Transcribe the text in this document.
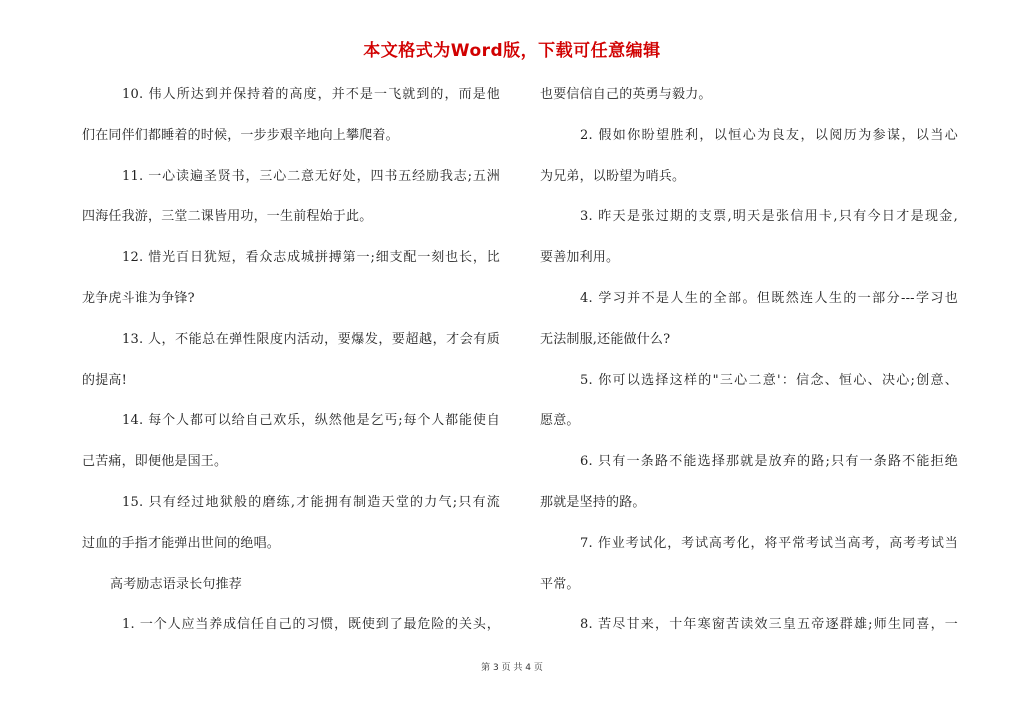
本文格式为Word版，下载可任意编辑
10. 伟人所达到并保持着的高度，并不是一飞就到的，而是他
们在同伴们都睡着的时候，一步步艰辛地向上攀爬着。
11. 一心读遍圣贤书，三心二意无好处，四书五经励我志;五洲
四海任我游，三堂二课皆用功，一生前程始于此。
12. 惜光百日犹短，看众志成城拼搏第一;细支配一刻也长，比
龙争虎斗谁为争锋?
13. 人，不能总在弹性限度内活动，要爆发，要超越，才会有质
的提高!
14. 每个人都可以给自己欢乐，纵然他是乞丐;每个人都能使自
己苦痛，即便他是国王。
15. 只有经过地狱般的磨练,才能拥有制造天堂的力气;只有流
过血的手指才能弹出世间的绝唱。
高考励志语录长句推荐
1. 一个人应当养成信任自己的习惯，既使到了最危险的关头，
也要信信自己的英勇与毅力。
2. 假如你盼望胜利，以恒心为良友，以阅历为参谋，以当心
为兄弟，以盼望为哨兵。
3. 昨天是张过期的支票,明天是张信用卡,只有今日才是现金,
要善加利用。
4. 学习并不是人生的全部。但既然连人生的一部分---学习也
无法制服,还能做什么?
5. 你可以选择这样的"三心二意'：信念、恒心、决心;创意、
愿意。
6. 只有一条路不能选择那就是放弃的路;只有一条路不能拒绝
那就是坚持的路。
7. 作业考试化，考试高考化，将平常考试当高考，高考考试当
平常。
8. 苦尽甘来，十年寒窗苦读效三皇五帝逐群雄;师生同喜，一
第 3 页 共 4 页
